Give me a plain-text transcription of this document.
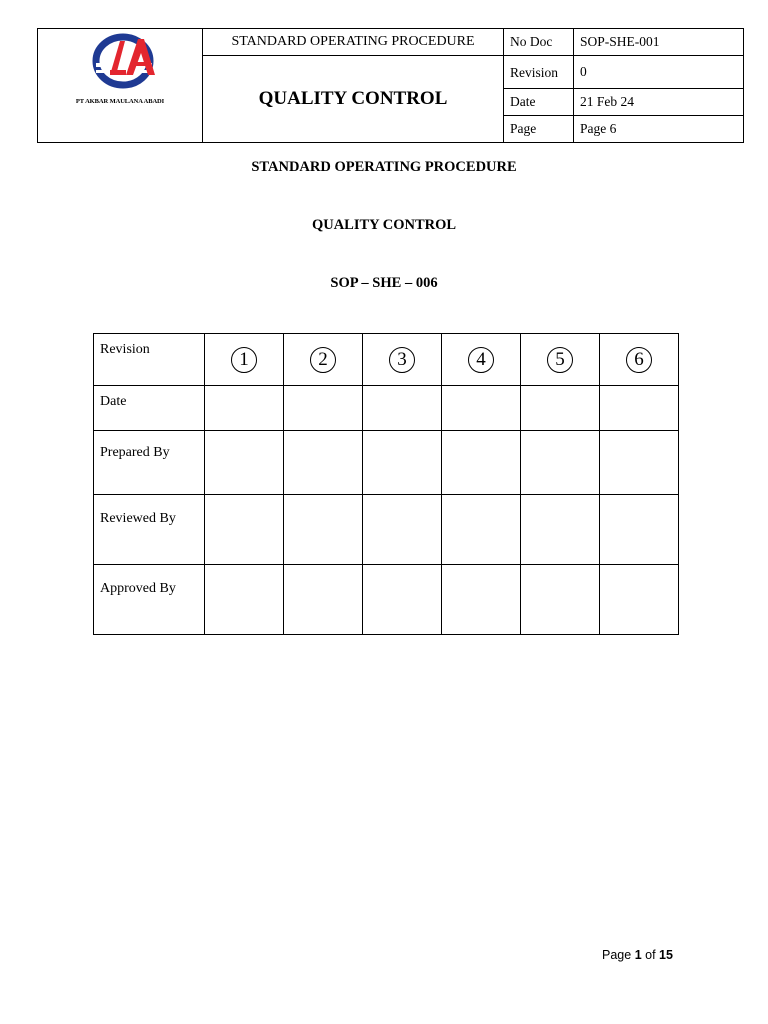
PT AKBAR MAULANA ABADI	STANDARD OPERATING PROCEDURE	No Doc	SOP-SHE-001
	QUALITY CONTROL	Revision	0
		Date	21 Feb 24
		Page	Page 6
STANDARD OPERATING PROCEDURE
QUALITY CONTROL
SOP – SHE – 006
Revision	1	2	3	4	5	6
Date						
Prepared By						
Reviewed By						
Approved By						
Page 1 of 15
